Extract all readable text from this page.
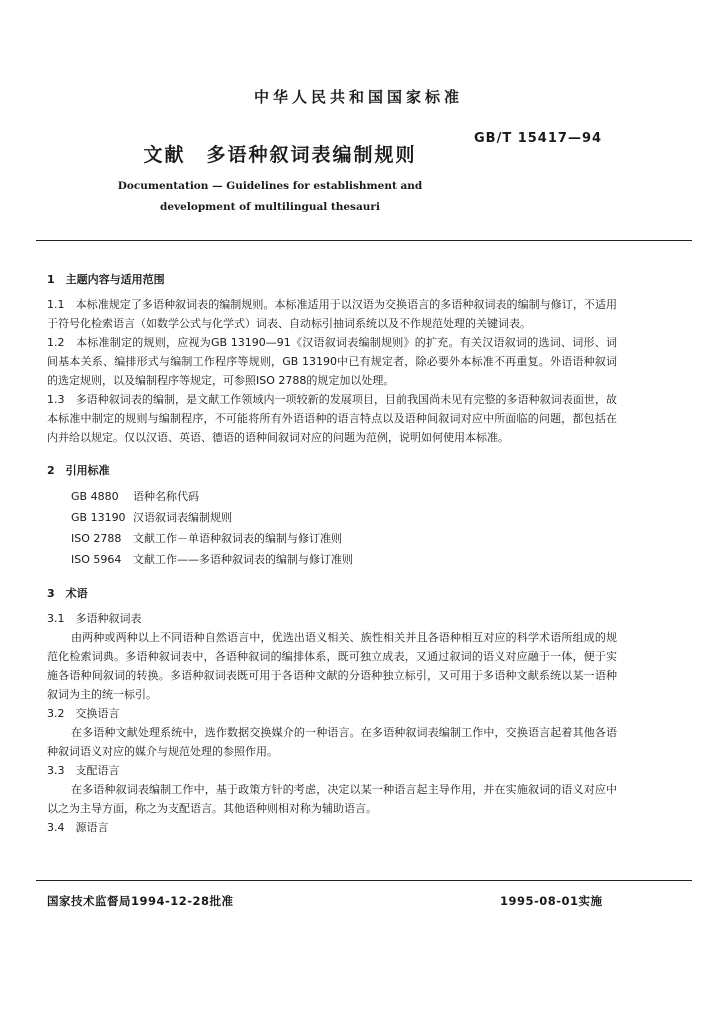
中华人民共和国国家标准
GB/T 15417—94
文献　多语种叙词表编制规则
Documentation — Guidelines for establishment and
development of multilingual thesauri
1　主题内容与适用范围

1.1　本标准规定了多语种叙词表的编制规则。本标准适用于以汉语为交换语言的多语种叙词表的编制与修订，不适用于符号化检索语言（如数学公式与化学式）词表、自动标引抽词系统以及不作规范处理的关键词表。

1.2　本标准制定的规则，应视为GB 13190—91《汉语叙词表编制规则》的扩充。有关汉语叙词的选词、词形、词间基本关系、编排形式与编制工作程序等规则，GB 13190中已有规定者，除必要外本标准不再重复。外语语种叙词的选定规则，以及编制程序等规定，可参照ISO 2788的规定加以处理。

1.3　多语种叙词表的编制，是文献工作领域内一项较新的发展项目，目前我国尚未见有完整的多语种叙词表面世，故本标准中制定的规则与编制程序，不可能将所有外语语种的语言特点以及语种间叙词对应中所面临的问题，都包括在内并给以规定。仅以汉语、英语、德语的语种间叙词对应的问题为范例，说明如何使用本标准。

2　引用标准
GB 4880	语种名称代码
GB 13190 汉语叙词表编制规则
ISO 2788	文献工作－单语种叙词表的编制与修订准则
ISO 5964	文献工作——多语种叙词表的编制与修订准则
3　术语
3.1　多语种叙词表

由两种或两种以上不同语种自然语言中，优选出语义相关、族性相关并且各语种相互对应的科学术语所组成的规范化检索词典。多语种叙词表中，各语种叙词的编排体系，既可独立成表，又通过叙词的语义对应融于一体，便于实施各语种间叙词的转换。多语种叙词表既可用于各语种文献的分语种独立标引，又可用于多语种文献系统以某一语种叙词为主的统一标引。

3.2　交换语言

在多语种文献处理系统中，选作数据交换媒介的一种语言。在多语种叙词表编制工作中，交换语言起着其他各语种叙词语义对应的媒介与规范处理的参照作用。

3.3　支配语言

在多语种叙词表编制工作中，基于政策方针的考虑，决定以某一种语言起主导作用，并在实施叙词的语义对应中以之为主导方面，称之为支配语言。其他语种则相对称为辅助语言。

3.4　源语言
国家技术监督局1994-12-28批准	1995-08-01实施
